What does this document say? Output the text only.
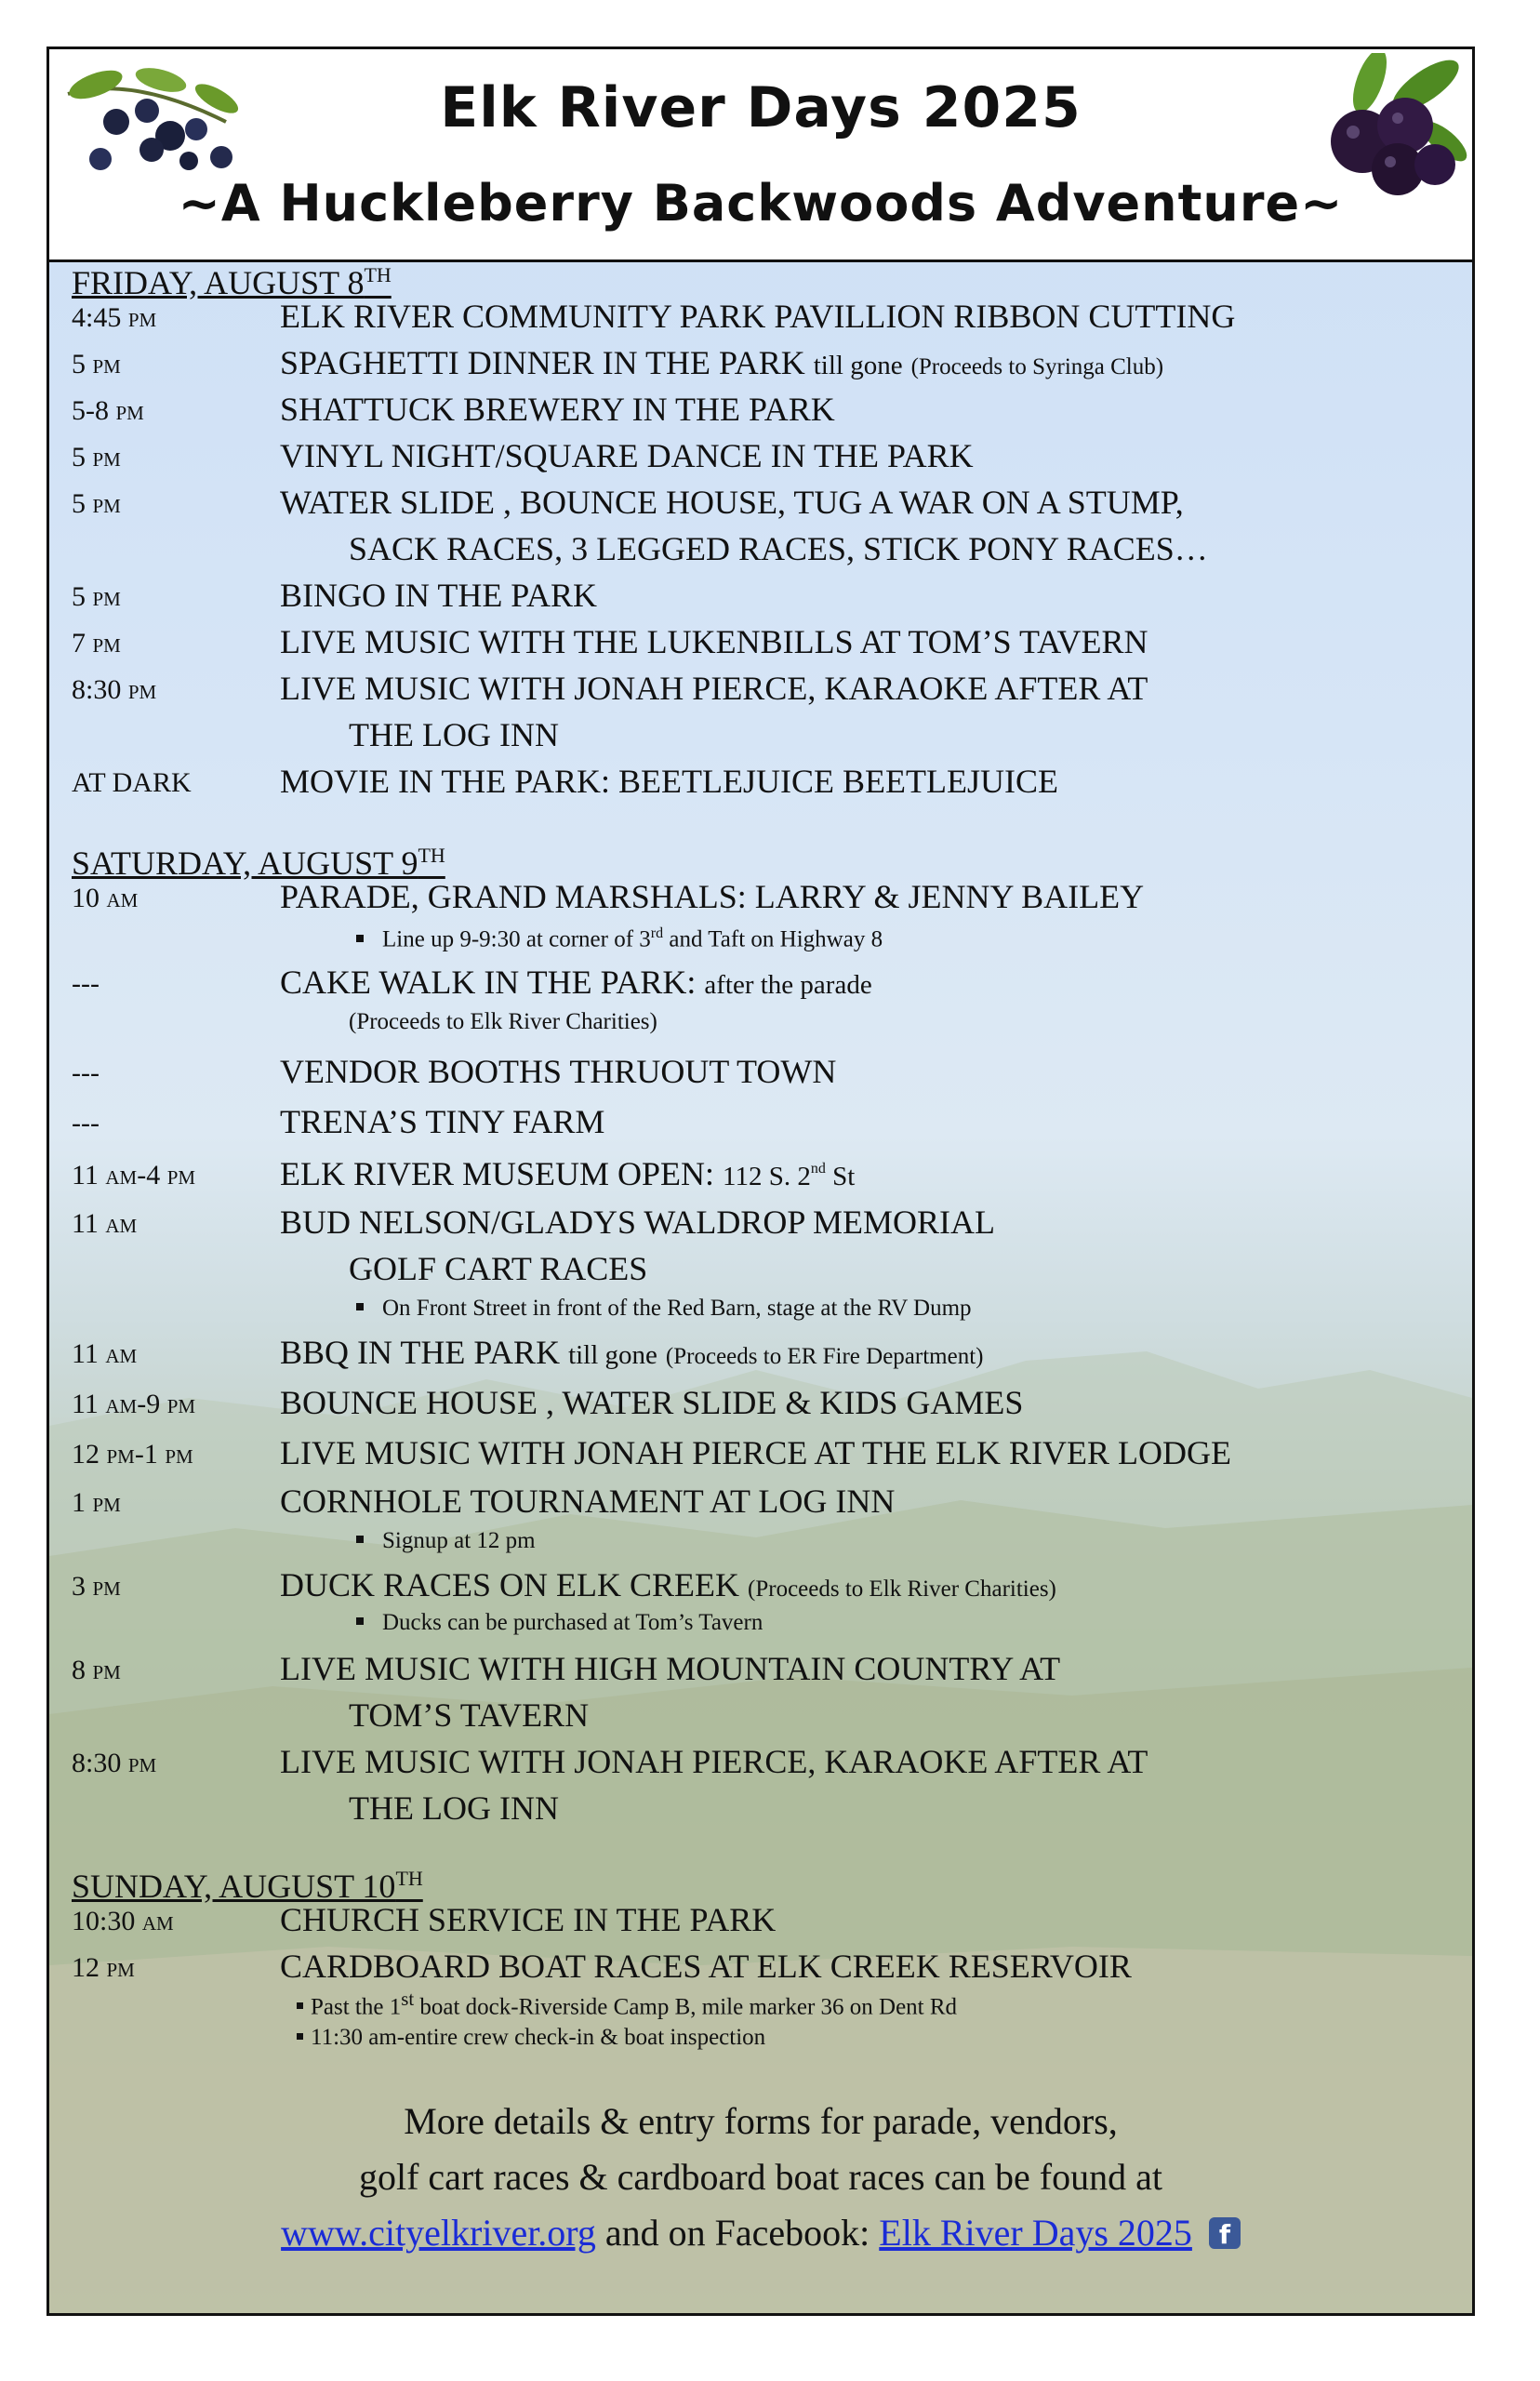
Elk River Days 2025
~A Huckleberry Backwoods Adventure~
FRIDAY, AUGUST 8TH
4:45 pm	ELK RIVER COMMUNITY PARK PAVILLION RIBBON CUTTING
5 pm	SPAGHETTI DINNER IN THE PARK till gone (Proceeds to Syringa Club)
5-8 pm	SHATTUCK BREWERY IN THE PARK
5 pm	VINYL NIGHT/SQUARE DANCE IN THE PARK
5 pm	WATER SLIDE , BOUNCE HOUSE, TUG A WAR ON A STUMP,
SACK RACES, 3 LEGGED RACES, STICK PONY RACES…
5 pm	BINGO IN THE PARK
7 pm	LIVE MUSIC WITH THE LUKENBILLS AT TOM’S TAVERN
8:30 pm	LIVE MUSIC WITH JONAH PIERCE, KARAOKE AFTER AT
THE LOG INN
AT DARK	MOVIE IN THE PARK: BEETLEJUICE BEETLEJUICE
SATURDAY, AUGUST 9TH
10 am	PARADE, GRAND MARSHALS: LARRY & JENNY BAILEY
Line up 9-9:30 at corner of 3rd and Taft on Highway 8
---	CAKE WALK IN THE PARK: after the parade
(Proceeds to Elk River Charities)
---	VENDOR BOOTHS THRUOUT TOWN
---	TRENA’S TINY FARM
11 am-4 pm	ELK RIVER MUSEUM OPEN: 112 S. 2nd St
11 am	BUD NELSON/GLADYS WALDROP MEMORIAL
GOLF CART RACES
On Front Street in front of the Red Barn, stage at the RV Dump
11 am	BBQ IN THE PARK till gone (Proceeds to ER Fire Department)
11 am-9 pm	BOUNCE HOUSE , WATER SLIDE & KIDS GAMES
12 pm-1 pm	LIVE MUSIC WITH JONAH PIERCE AT THE ELK RIVER LODGE
1 pm	CORNHOLE TOURNAMENT AT LOG INN
Signup at 12 pm
3 pm	DUCK RACES ON ELK CREEK (Proceeds to Elk River Charities)
Ducks can be purchased at Tom’s Tavern
8 pm	LIVE MUSIC WITH HIGH MOUNTAIN COUNTRY AT
TOM’S TAVERN
8:30 pm	LIVE MUSIC WITH JONAH PIERCE, KARAOKE AFTER AT
THE LOG INN
SUNDAY, AUGUST 10TH
10:30 am	CHURCH SERVICE IN THE PARK
12 pm	CARDBOARD BOAT RACES AT ELK CREEK RESERVOIR
Past the 1st boat dock-Riverside Camp B, mile marker 36 on Dent Rd
11:30 am-entire crew check-in & boat inspection
More details & entry forms for parade, vendors,
golf cart races & cardboard boat races can be found at
www.cityelkriver.org and on Facebook: Elk River Days 2025 f
